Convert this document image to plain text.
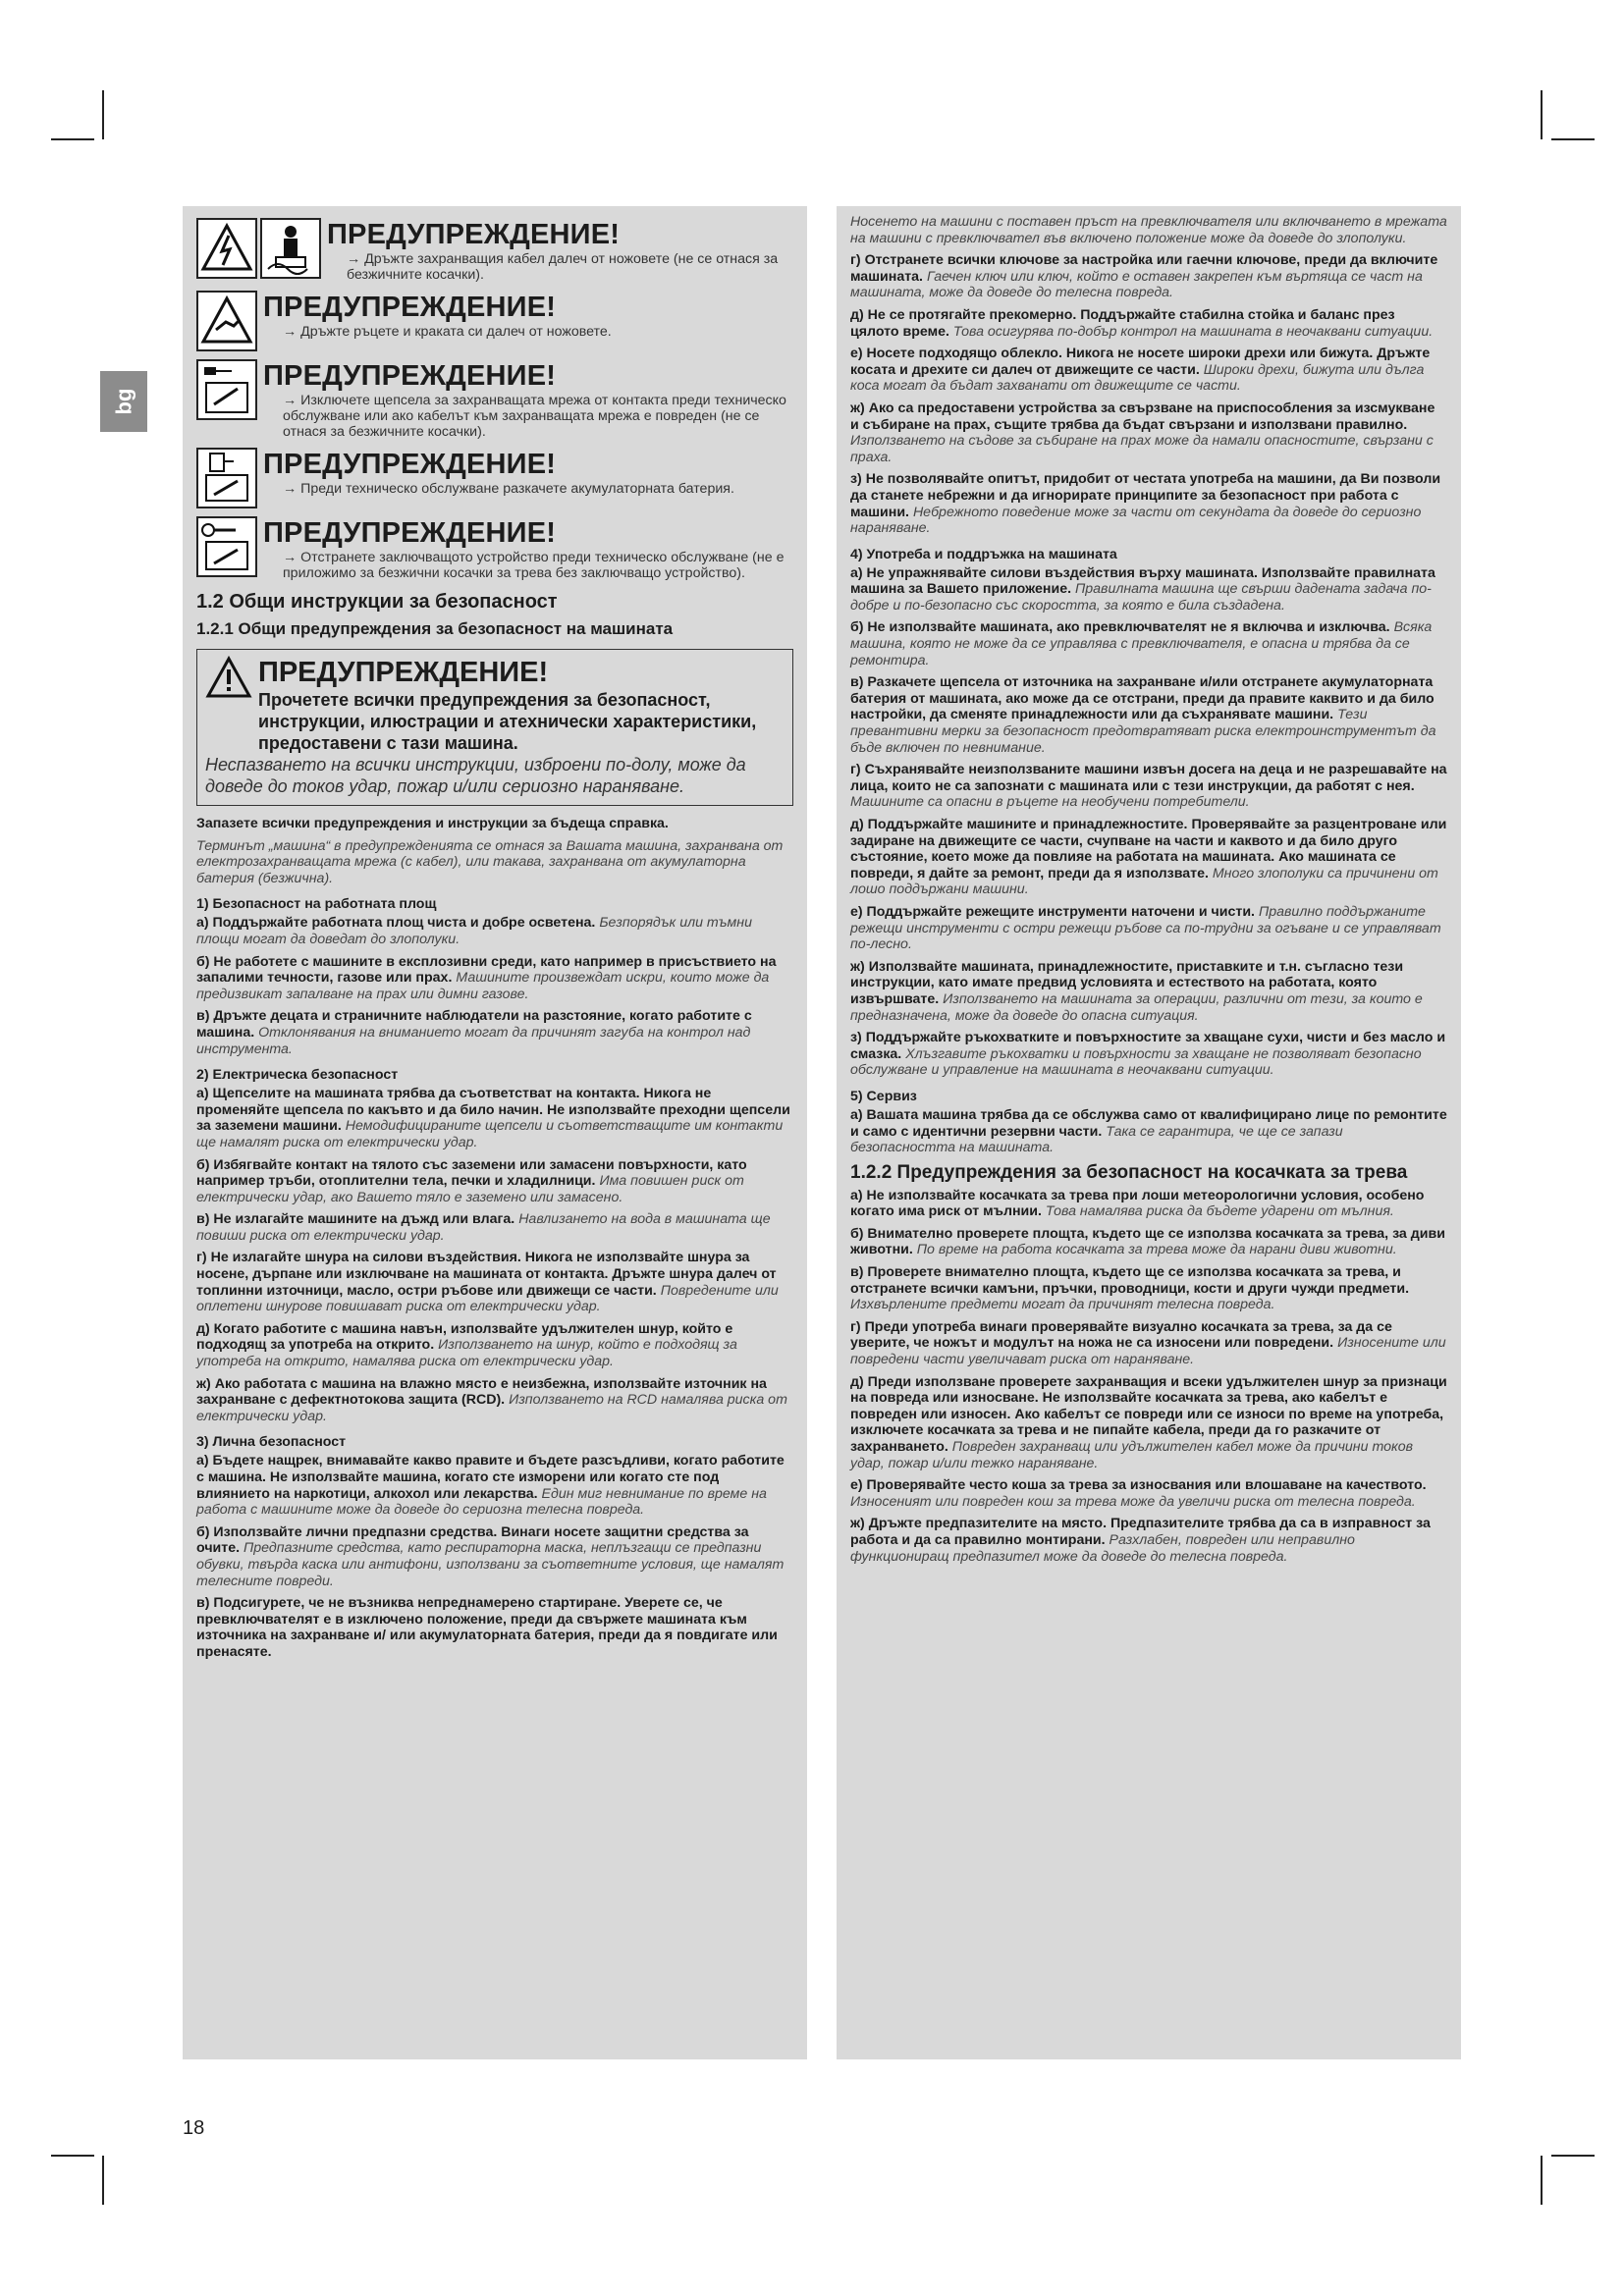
bg
ПРЕДУПРЕЖДЕНИЕ!
→ Дръжте захранващия кабел далеч от ножовете (не се отнася за безжичните косачки).
ПРЕДУПРЕЖДЕНИЕ!
→ Дръжте ръцете и краката си далеч от ножовете.
ПРЕДУПРЕЖДЕНИЕ!
→ Изключете щепсела за захранващата мрежа от контакта преди техническо обслужване или ако кабелът към захранващата мрежа е повреден (не се отнася за безжичните косачки).
ПРЕДУПРЕЖДЕНИЕ!
→ Преди техническо обслужване разкачете акумулаторната батерия.
ПРЕДУПРЕЖДЕНИЕ!
→ Отстранете заключващото устройство преди техническо обслужване (не е приложимо за безжични косачки за трева без заключващо устройство).
1.2 Общи инструкции за безопасност
1.2.1 Общи предупреждения за безопасност на машината
ПРЕДУПРЕЖДЕНИЕ!
Прочетете всички предупреждения за безопасност, инструкции, илюстрации и атехнически характеристики, предоставени с тази машина.
Неспазването на всички инструкции, изброени по-долу, може да доведе до токов удар, пожар и/или сериозно нараняване.

Запазете всички предупреждения и инструкции за бъдеща справка.

Терминът „машина“ в предупрежденията се отнася за Вашата машина, захранвана от електрозахранващата мрежа (с кабел), или такава, захранвана от акумулаторна батерия (безжична).

1) Безопасност на работната площ

а) Поддържайте работната площ чиста и добре осветена. Безпорядък или тъмни площи могат да доведат до злополуки.

б) Не работете с машините в експлозивни среди, като например в присъствието на запалими течности, газове или прах. Машините произвеждат искри, които може да предизвикат запалване на прах или димни газове.

в) Дръжте децата и страничните наблюдатели на разстояние, когато работите с машина. Отклонявания на вниманието могат да причинят загуба на контрол над инструмента.

2) Електрическа безопасност

а) Щепселите на машината трябва да съответстват на контакта. Никога не променяйте щепсела по какъвто и да било начин. Не използвайте преходни щепсели за заземени машини. Немодифицираните щепсели и съответстващите им контакти ще намалят риска от електрически удар.

б) Избягвайте контакт на тялото със заземени или замасени повърхности, като например тръби, отоплителни тела, печки и хладилници. Има повишен риск от електрически удар, ако Вашето тяло е заземено или замасено.

в) Не излагайте машините на дъжд или влага. Навлизането на вода в машината ще повиши риска от електрически удар.

г) Не излагайте шнура на силови въздействия. Никога не използвайте шнура за носене, дърпане или изключване на машината от контакта. Дръжте шнура далеч от топлинни източници, масло, остри ръбове или движещи се части. Повредените или оплетени шнурове повишават риска от електрически удар.

д) Когато работите с машина навън, използвайте удължителен шнур, който е подходящ за употреба на открито. Използването на шнур, който е подходящ за употреба на открито, намалява риска от електрически удар.

ж) Ако работата с машина на влажно място е неизбежна, използвайте източник на захранване с дефектнотокова защита (RCD). Използването на RCD намалява риска от електрически удар.

3) Лична безопасност

а) Бъдете нащрек, внимавайте какво правите и бъдете разсъдливи, когато работите с машина. Не използвайте машина, когато сте изморени или когато сте под влиянието на наркотици, алкохол или лекарства. Един миг невнимание по време на работа с машините може да доведе до сериозна телесна повреда.

б) Използвайте лични предпазни средства. Винаги носете защитни средства за очите. Предпазните средства, като респираторна маска, неплъзгащи се предпазни обувки, твърда каска или антифони, използвани за съответните условия, ще намалят телесните повреди.

в) Подсигурете, че не възниква непреднамерено стартиране. Уверете се, че превключвателят е в изключено положение, преди да свържете машината към източника на захранване и/ или акумулаторната батерия, преди да я повдигате или пренасяте.

Носенето на машини с поставен пръст на превключвателя или включването в мрежата на машини с превключвател във включено положение може да доведе до злополуки.

г) Отстранете всички ключове за настройка или гаечни ключове, преди да включите машината. Гаечен ключ или ключ, който е оставен закрепен към въртяща се част на машината, може да доведе до телесна повреда.

д) Не се протягайте прекомерно. Поддържайте стабилна стойка и баланс през цялото време. Това осигурява по-добър контрол на машината в неочаквани ситуации.

е) Носете подходящо облекло. Никога не носете широки дрехи или бижута. Дръжте косата и дрехите си далеч от движещите се части. Широки дрехи, бижута или дълга коса могат да бъдат захванати от движещите се части.

ж) Ако са предоставени устройства за свързване на приспособления за изсмукване и събиране на прах, същите трябва да бъдат свързани и използвани правилно. Използването на съдове за събиране на прах може да намали опасностите, свързани с праха.

з) Не позволявайте опитът, придобит от честата употреба на машини, да Ви позволи да станете небрежни и да игнорирате принципите за безопасност при работа с машини. Небрежното поведение може за части от секундата да доведе до сериозно нараняване.

4) Употреба и поддръжка на машината

а) Не упражнявайте силови въздействия върху машината. Използвайте правилната машина за Вашето приложение. Правилната машина ще свърши дадената задача по-добре и по-безопасно със скоростта, за която е била създадена.

б) Не използвайте машината, ако превключвателят не я включва и изключва. Всяка машина, която не може да се управлява с превключвателя, е опасна и трябва да се ремонтира.

в) Разкачете щепсела от източника на захранване и/или отстранете акумулаторната батерия от машината, ако може да се отстрани, преди да правите каквито и да било настройки, да сменяте принадлежности или да съхранявате машини. Тези превантивни мерки за безопасност предотвратяват риска електроинструментът да бъде включен по невнимание.

г) Съхранявайте неизползваните машини извън досега на деца и не разрешавайте на лица, които не са запознати с машината или с тези инструкции, да работят с нея. Машините са опасни в ръцете на необучени потребители.

д) Поддържайте машините и принадлежностите. Проверявайте за разцентроване или задиране на движещите се части, счупване на части и каквото и да било друго състояние, което може да повлияе на работата на машината. Ако машината се повреди, я дайте за ремонт, преди да я използвате. Много злополуки са причинени от лошо поддържани машини.

е) Поддържайте режещите инструменти наточени и чисти. Правилно поддържаните режещи инструменти с остри режещи ръбове са по-трудни за огъване и се управляват по-лесно.

ж) Използвайте машината, принадлежностите, приставките и т.н. съгласно тези инструкции, като имате предвид условията и естеството на работата, която извършвате. Използването на машината за операции, различни от тези, за които е предназначена, може да доведе до опасна ситуация.

з) Поддържайте ръкохватките и повърхностите за хващане сухи, чисти и без масло и смазка. Хлъзгавите ръкохватки и повърхности за хващане не позволяват безопасно обслужване и управление на машината в неочаквани ситуации.

5) Сервиз

а) Вашата машина трябва да се обслужва само от квалифицирано лице по ремонтите и само с идентични резервни части. Така се гарантира, че ще се запази безопасността на машината.

1.2.2 Предупреждения за безопасност на косачката за трева

а) Не използвайте косачката за трева при лоши метеорологични условия, особено когато има риск от мълнии. Това намалява риска да бъдете ударени от мълния.

б) Внимателно проверете площта, където ще се използва косачката за трева, за диви животни. По време на работа косачката за трева може да нарани диви животни.

в) Проверете внимателно площта, където ще се използва косачката за трева, и отстранете всички камъни, пръчки, проводници, кости и други чужди предмети. Изхвърлените предмети могат да причинят телесна повреда.

г) Преди употреба винаги проверявайте визуално косачката за трева, за да се уверите, че ножът и модулът на ножа не са износени или повредени. Износените или повредени части увеличават риска от нараняване.

д) Преди използване проверете захранващия и всеки удължителен шнур за признаци на повреда или износване. Не използвайте косачката за трева, ако кабелът е повреден или износен. Ако кабелът се повреди или се износи по време на употреба, изключете косачката за трева и не пипайте кабела, преди да го разкачите от захранването. Повреден захранващ или удължителен кабел може да причини токов удар, пожар и/или тежко нараняване.

е) Проверявайте често коша за трева за износвания или влошаване на качеството. Износеният или повреден кош за трева може да увеличи риска от телесна повреда.

ж) Дръжте предпазителите на място. Предпазителите трябва да са в изправност за работа и да са правилно монтирани. Разхлабен, повреден или неправилно функциониращ предпазител може да доведе до телесна повреда.

18
